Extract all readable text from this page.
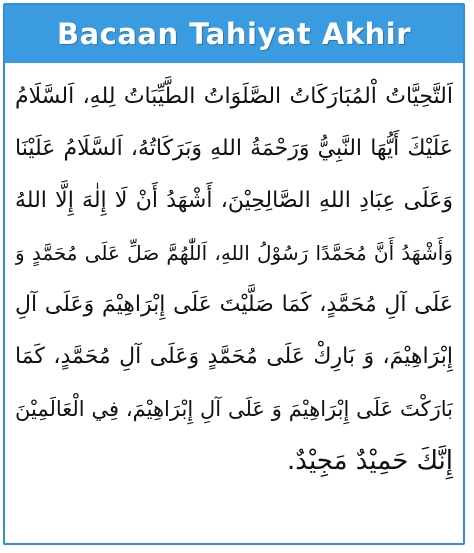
Bacaan Tahiyat Akhir
اَلتَّحِيَّاتُ اْلمُبَارَكَاتُ الصَّلَوَاتُ الطَّيِّبَاتُ لِلهِ، اَلسَّلَامُ
عَلَيْكَ أَيُّهَا النَّبِيُّ وَرَحْمَةُ اللهِ وَبَرَكَاتُهُ، اَلسَّلَامُ عَلَيْنَا
وَعَلَى عِبَادِ اللهِ الصَّالِحِيْنَ، أَشْهَدُ أَنْ لَا إِلٰهَ إِلَّا اللهُ
وَأَشْهَدُ أَنَّ مُحَمَّدًا رَسُوْلُ اللهِ، اَللّٰهُمَّ صَلِّ عَلَى مُحَمَّدٍ وَ
عَلَى آلِ مُحَمَّدٍ، كَمَا صَلَّيْتَ عَلَى إِبْرَاهِيْمَ وَعَلَى آلِ
إِبْرَاهِيْمَ، وَ بَارِكْ عَلَى مُحَمَّدٍ وَعَلَى آلِ مُحَمَّدٍ، كَمَا
بَارَكْتَ عَلَى إِبْرَاهِيْمَ وَ عَلَى آلِ إِبْرَاهِيْمَ، فِي الْعَالَمِيْنَ
إِنَّكَ حَمِيْدٌ مَجِيْدٌ.
